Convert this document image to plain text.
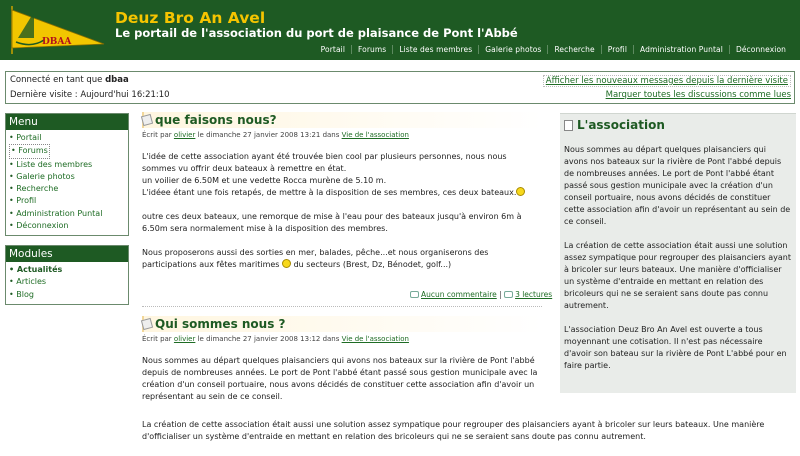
DBAA
Deuz Bro An Avel
Le portail de l'association du port de plaisance de Pont l'Abbé
Portail	Forums	Liste des membres	Galerie photos	Recherche	Profil	Administration Puntal	Déconnexion
Connecté en tant que dbaa
Dernière visite : Aujourd'hui 16:21:10
Afficher les nouveaux messages depuis la dernière visite
Marquer toutes les discussions comme lues
Menu
• Portail
• Forums
• Liste des membres
• Galerie photos
• Recherche
• Profil
• Administration Puntal
• Déconnexion
Modules
• Actualités
• Articles
• Blog
que faisons nous?
Écrit par olivier le dimanche 27 janvier 2008 13:21 dans Vie de l'association

L'idée de cette association ayant été trouvée bien cool par plusieurs personnes, nous nous sommes vu offrir deux bateaux à remettre en état.
un voilier de 6.50M et une vedette Rocca murène de 5.10 m.
L'idéee étant une fois retapés, de mettre à la disposition de ses membres, ces deux bateaux.

outre ces deux bateaux, une remorque de mise à l'eau pour des bateaux jusqu'à environ 6m à 6.50m sera normalement mise à la disposition des membres.

Nous proposerons aussi des sorties en mer, balades, pêche...et nous organiserons des participations aux fêtes maritimes du secteurs (Brest, Dz, Bénodet, golf...)

Aucun commentaire | 3 lectures
Qui sommes nous ?
Écrit par olivier le dimanche 27 janvier 2008 13:12 dans Vie de l'association

Nous sommes au départ quelques plaisanciers qui avons nos bateaux sur la rivière de Pont l'abbé depuis de nombreuses années. Le port de Pont l'abbé étant passé sous gestion municipale avec la création d'un conseil portuaire, nous avons décidés de constituer cette association afin d'avoir un représentant au sein de ce conseil.

La création de cette association était aussi une solution assez sympatique pour regrouper des plaisanciers ayant à bricoler sur leurs bateaux. Une manière d'officialiser un système d'entraide en mettant en relation des bricoleurs qui ne se seraient sans doute pas connu autrement.

L'association

Nous sommes au départ quelques plaisanciers qui avons nos bateaux sur la rivière de Pont l'abbé depuis de nombreuses années. Le port de Pont l'abbé étant passé sous gestion municipale avec la création d'un conseil portuaire, nous avons décidés de constituer cette association afin d'avoir un représentant au sein de ce conseil.

La création de cette association était aussi une solution assez sympatique pour regrouper des plaisanciers ayant à bricoler sur leurs bateaux. Une manière d'officialiser un système d'entraide en mettant en relation des bricoleurs qui ne se seraient sans doute pas connu autrement.

L'association Deuz Bro An Avel est ouverte a tous moyennant une cotisation. Il n'est pas nécessaire d'avoir son bateau sur la rivière de Pont L'abbé pour en faire partie.
